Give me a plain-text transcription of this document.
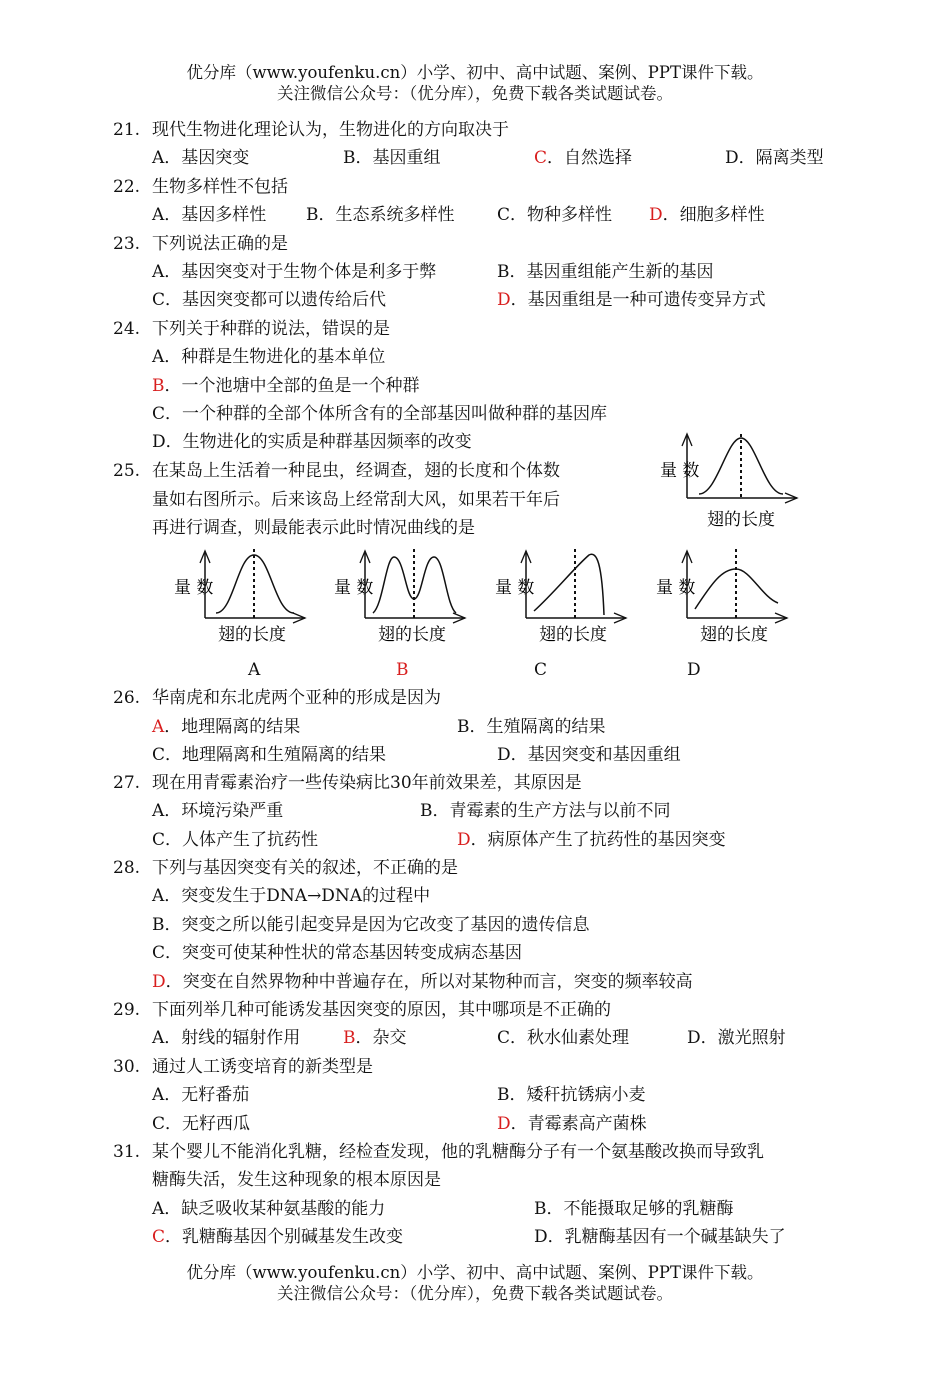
优分库（www.youfenku.cn）小学、初中、高中试题、案例、PPT课件下载。
关注微信公众号：（优分库），免费下载各类试题试卷。
21. 现代生物进化理论认为，生物进化的方向取决于
A．基因突变	B．基因重组	C．自然选择	D．隔离类型
22. 生物多样性不包括
A．基因多样性 B．生态系统多样性	C．物种多样性 D．细胞多样性
23. 下列说法正确的是
A．基因突变对于生物个体是利多于弊	B．基因重组能产生新的基因
C．基因突变都可以遗传给后代	D．基因重组是一种可遗传变异方式
24. 下列关于种群的说法，错误的是
A．种群是生物进化的基本单位
B．一个池塘中全部的鱼是一个种群
C．一个种群的全部个体所含有的全部基因叫做种群的基因库
D．生物进化的实质是种群基因频率的改变
25. 在某岛上生活着一种昆虫，经调查，翅的长度和个体数
量如右图所示。后来该岛上经常刮大风，如果若干年后
再进行调查，则最能表示此时情况曲线的是
量 数
翅的长度
量 数
翅的长度
量 数
翅的长度
量 数
翅的长度
量 数
翅的长度
A	B	C	D
26. 华南虎和东北虎两个亚种的形成是因为
A．地理隔离的结果	B．生殖隔离的结果
C．地理隔离和生殖隔离的结果	D．基因突变和基因重组
27. 现在用青霉素治疗一些传染病比30年前效果差，其原因是
A．环境污染严重	B．青霉素的生产方法与以前不同
C．人体产生了抗药性	D．病原体产生了抗药性的基因突变
28. 下列与基因突变有关的叙述，不正确的是
A．突变发生于DNA→DNA的过程中
B．突变之所以能引起变异是因为它改变了基因的遗传信息
C．突变可使某种性状的常态基因转变成病态基因
D．突变在自然界物种中普遍存在，所以对某物种而言，突变的频率较高
29. 下面列举几种可能诱发基因突变的原因，其中哪项是不正确的
A．射线的辐射作用	B．杂交	C．秋水仙素处理	D．激光照射
30. 通过人工诱变培育的新类型是
A．无籽番茄	B．矮秆抗锈病小麦
C．无籽西瓜	D．青霉素高产菌株
31. 某个婴儿不能消化乳糖，经检查发现，他的乳糖酶分子有一个氨基酸改换而导致乳
糖酶失活，发生这种现象的根本原因是
A．缺乏吸收某种氨基酸的能力	B．不能摄取足够的乳糖酶
C．乳糖酶基因个别碱基发生改变	D．乳糖酶基因有一个碱基缺失了
优分库（www.youfenku.cn）小学、初中、高中试题、案例、PPT课件下载。
关注微信公众号：（优分库），免费下载各类试题试卷。
